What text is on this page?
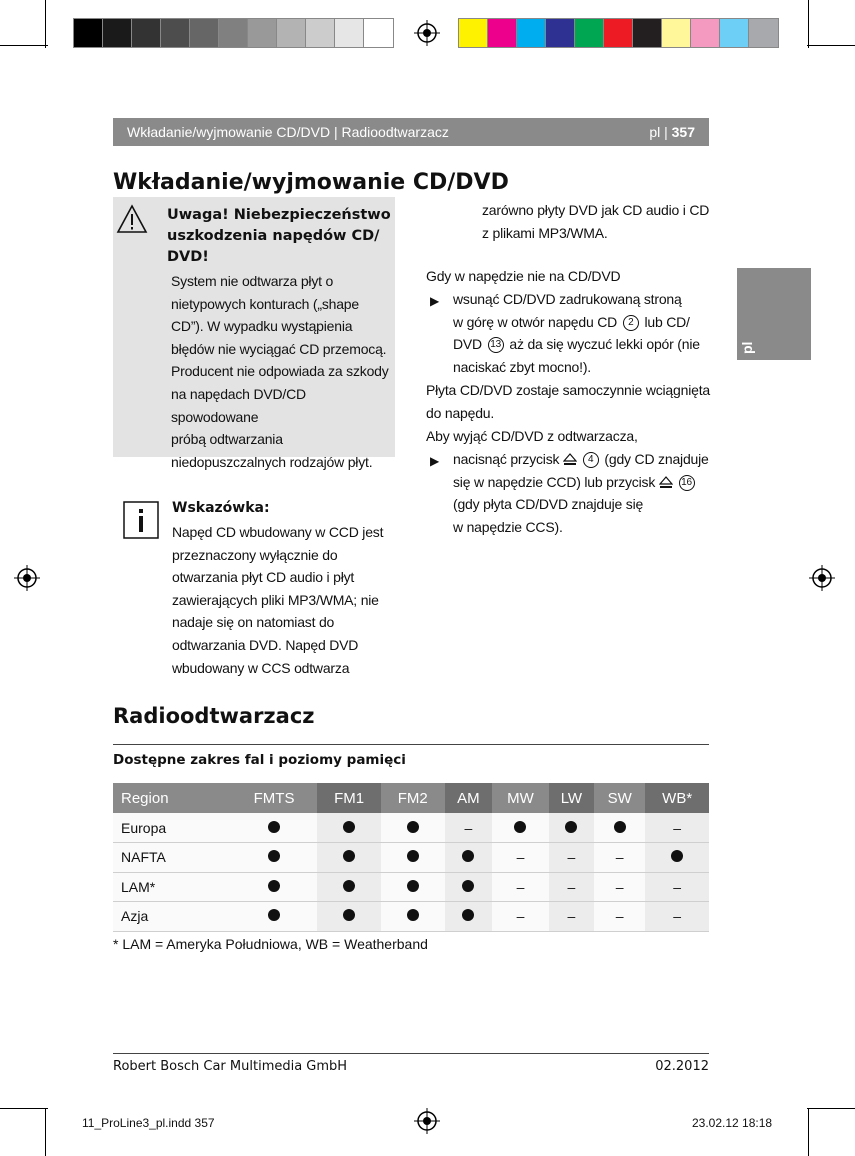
Wkładanie/wyjmowanie CD/DVD | Radioodtwarzacz	pl | 357
pl
Wkładanie/wyjmowanie CD/DVD
Uwaga! Niebezpieczeństwo
uszkodzenia napędów CD/
DVD!
System nie odtwarza płyt o
nietypowych konturach („shape
CD”). W wypadku wystąpienia
błędów nie wyciągać CD przemocą.
Producent nie odpowiada za szkody
na napędach DVD/CD spowodowane
próbą odtwarzania
niedopuszczalnych rodzajów płyt.
Wskazówka:
Napęd CD wbudowany w CCD jest
przeznaczony wyłącznie do
otwarzania płyt CD audio i płyt
zawierających pliki MP3/WMA; nie
nadaje się on natomiast do
odtwarzania DVD. Napęd DVD
wbudowany w CCS odtwarza
zarówno płyty DVD jak CD audio i CD
z plikami MP3/WMA.
Gdy w napędzie nie na CD/DVD
▶ wsunąć CD/DVD zadrukowaną stroną
w górę w otwór napędu CD 2 lub CD/
DVD 13 aż da się wyczuć lekki opór (nie
naciskać zbyt mocno!).
Płyta CD/DVD zostaje samoczynnie wciągnięta
do napędu.
Aby wyjąć CD/DVD z odtwarzacza,
▶ nacisnąć przycisk	4 (gdy CD znajduje
się w napędzie CCD) lub przycisk	16
(gdy płyta CD/DVD znajduje się
w napędzie CCS).
Radioodtwarzacz
Dostępne zakres fal i poziomy pamięci
Region	FMTS	FM1	FM2	AM	MW	LW	SW	WB*
Europa				–				–
NAFTA					–	–	–	
LAM*					–	–	–	–
Azja					–	–	–	–
* LAM = Ameryka Południowa, WB = Weatherband
Robert Bosch Car Multimedia GmbH	02.2012
11_ProLine3_pl.indd 357	23.02.12 18:18
